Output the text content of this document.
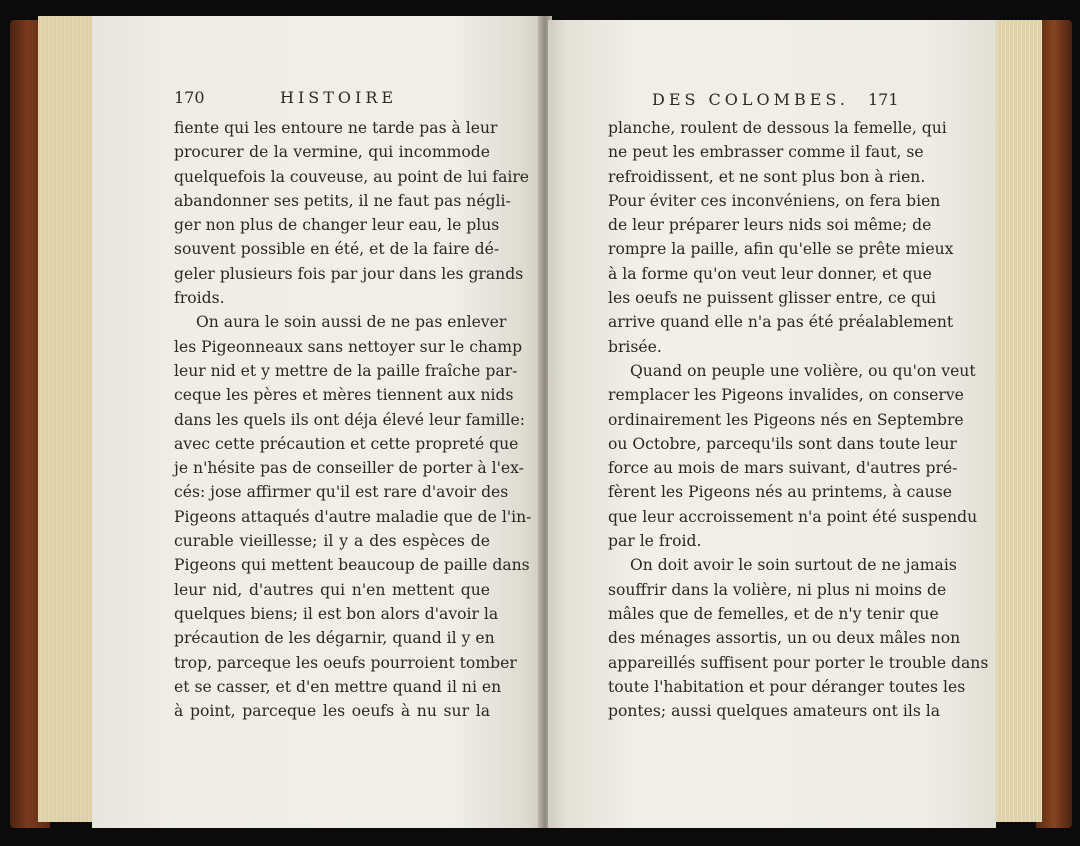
170	HISTOIRE
fiente qui les entoure ne tarde pas à leur
procurer de la vermine, qui incommode
quelquefois la couveuse, au point de lui faire
abandonner ses petits, il ne faut pas négli-
ger non plus de changer leur eau, le plus
souvent possible en été, et de la faire dé-
geler plusieurs fois par jour dans les grands
froids.
On aura le soin aussi de ne pas enlever
les Pigeonneaux sans nettoyer sur le champ
leur nid et y mettre de la paille fraîche par-
ceque les pères et mères tiennent aux nids
dans les quels ils ont déja élevé leur famille:
avec cette précaution et cette propreté que
je n'hésite pas de conseiller de porter à l'ex-
cés: jose affirmer qu'il est rare d'avoir des
Pigeons attaqués d'autre maladie que de l'in-
curable vieillesse; il y a des espèces de
Pigeons qui mettent beaucoup de paille dans
leur nid, d'autres qui n'en mettent que
quelques biens; il est bon alors d'avoir la
précaution de les dégarnir, quand il y en
trop, parceque les oeufs pourroient tomber
et se casser, et d'en mettre quand il ni en
à point, parceque les oeufs à nu sur la
DES COLOMBES. 171
planche, roulent de dessous la femelle, qui
ne peut les embrasser comme il faut, se
refroidissent, et ne sont plus bon à rien.
Pour éviter ces inconvéniens, on fera bien
de leur préparer leurs nids soi même; de
rompre la paille, afin qu'elle se prête mieux
à la forme qu'on veut leur donner, et que
les oeufs ne puissent glisser entre, ce qui
arrive quand elle n'a pas été préalablement
brisée.
Quand on peuple une volière, ou qu'on veut
remplacer les Pigeons invalides, on conserve
ordinairement les Pigeons nés en Septembre
ou Octobre, parcequ'ils sont dans toute leur
force au mois de mars suivant, d'autres pré-
fèrent les Pigeons nés au printems, à cause
que leur accroissement n'a point été suspendu
par le froid.
On doit avoir le soin surtout de ne jamais
souffrir dans la volière, ni plus ni moins de
mâles que de femelles, et de n'y tenir que
des ménages assortis, un ou deux mâles non
appareillés suffisent pour porter le trouble dans
toute l'habitation et pour déranger toutes les
pontes; aussi quelques amateurs ont ils la
